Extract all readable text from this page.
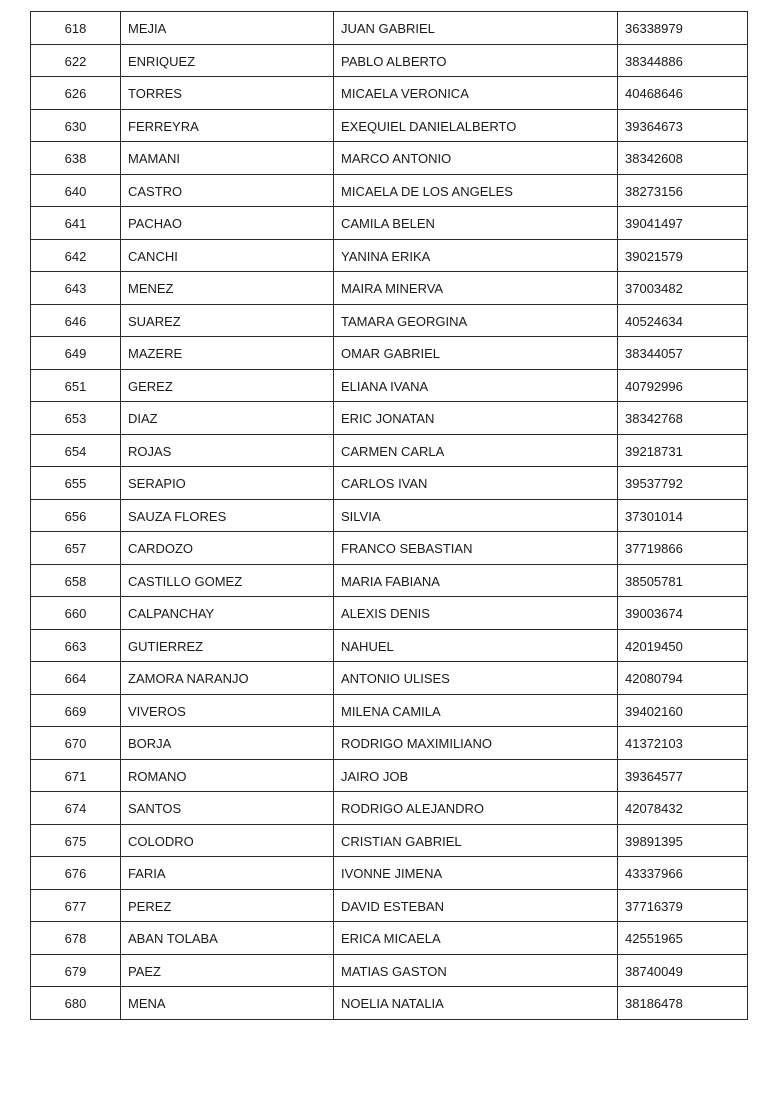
618	MEJIA	JUAN GABRIEL	36338979
622	ENRIQUEZ	PABLO ALBERTO	38344886
626	TORRES	MICAELA VERONICA	40468646
630	FERREYRA	EXEQUIEL DANIELALBERTO	39364673
638	MAMANI	MARCO ANTONIO	38342608
640	CASTRO	MICAELA DE LOS ANGELES	38273156
641	PACHAO	CAMILA BELEN	39041497
642	CANCHI	YANINA ERIKA	39021579
643	MENEZ	MAIRA MINERVA	37003482
646	SUAREZ	TAMARA GEORGINA	40524634
649	MAZERE	OMAR GABRIEL	38344057
651	GEREZ	ELIANA IVANA	40792996
653	DIAZ	ERIC JONATAN	38342768
654	ROJAS	CARMEN CARLA	39218731
655	SERAPIO	CARLOS IVAN	39537792
656	SAUZA FLORES	SILVIA	37301014
657	CARDOZO	FRANCO SEBASTIAN	37719866
658	CASTILLO GOMEZ	MARIA FABIANA	38505781
660	CALPANCHAY	ALEXIS DENIS	39003674
663	GUTIERREZ	NAHUEL	42019450
664	ZAMORA NARANJO	ANTONIO ULISES	42080794
669	VIVEROS	MILENA CAMILA	39402160
670	BORJA	RODRIGO MAXIMILIANO	41372103
671	ROMANO	JAIRO JOB	39364577
674	SANTOS	RODRIGO ALEJANDRO	42078432
675	COLODRO	CRISTIAN GABRIEL	39891395
676	FARIA	IVONNE JIMENA	43337966
677	PEREZ	DAVID ESTEBAN	37716379
678	ABAN TOLABA	ERICA MICAELA	42551965
679	PAEZ	MATIAS GASTON	38740049
680	MENA	NOELIA NATALIA	38186478
